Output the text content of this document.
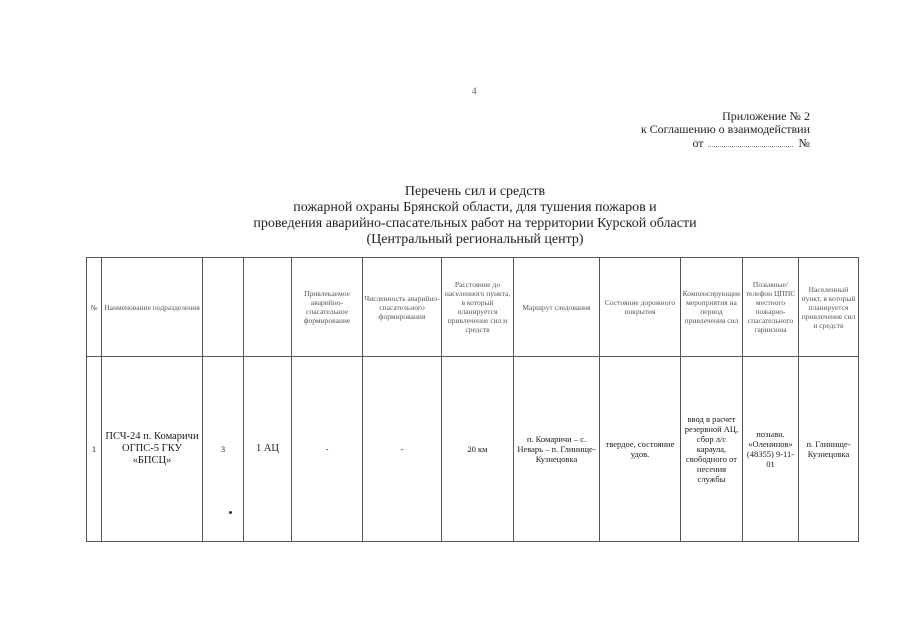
4
Приложение № 2
к Соглашению о взаимодействии
от	№
Перечень сил и средств
пожарной охраны Брянской области, для тушения пожаров и
проведения аварийно-спасательных работ на территории Курской области
(Центральный региональный центр)
№	Наименование подразделения			Привлекаемое аварийно-спасательное формирование	Численность аварийно-спасательного формирования	Расстояние до населенного пункта, в который планируется привлечение сил и средств	Маршрут следования	Состояние дорожного покрытия	Компенсирующие мероприятия на период привлечения сил	Позывные/ телефон ЦППС местного пожарно-спасательного гарнизона	Населенный пункт, в который планируется привлечение сил и средств
1	ПСЧ-24 п. Комаричи ОГПС-5 ГКУ «БПСЦ»	3	1 АЦ	-	-	20 км	п. Комаричи – с. Неварь – п. Глинище-Кузнецовка	твердое, состояние удов.	ввод в расчет резервной АЦ, сбор л/с караула, свободного от несения службы	позывн. «Оленинов» (48355) 9-11-01	п. Глинище-Кузнецовка
